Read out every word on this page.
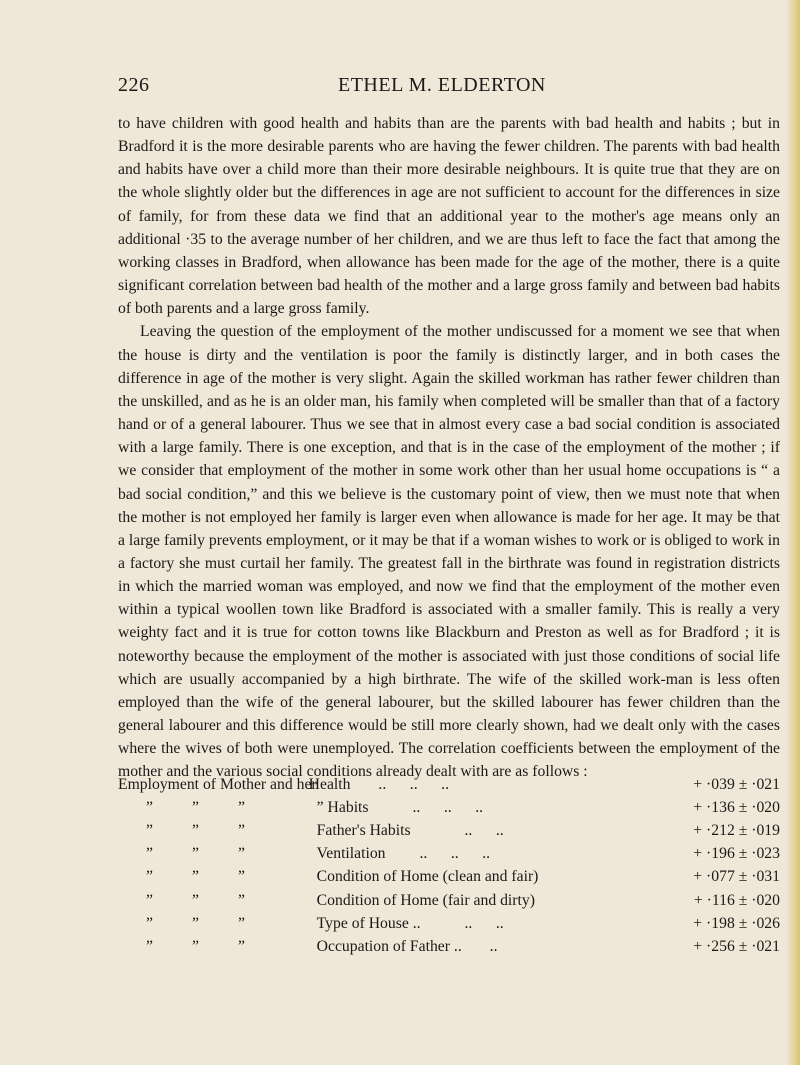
226	ETHEL M. ELDERTON

to have children with good health and habits than are the parents with bad health and habits ; but in Bradford it is the more desirable parents who are having the fewer children. The parents with bad health and habits have over a child more than their more desirable neighbours. It is quite true that they are on the whole slightly older but the differences in age are not sufficient to account for the differences in size of family, for from these data we find that an additional year to the mother's age means only an additional ·35 to the average number of her children, and we are thus left to face the fact that among the working classes in Bradford, when allowance has been made for the age of the mother, there is a quite significant correlation between bad health of the mother and a large gross family and between bad habits of both parents and a large gross family.

Leaving the question of the employment of the mother undiscussed for a moment we see that when the house is dirty and the ventilation is poor the family is distinctly larger, and in both cases the difference in age of the mother is very slight. Again the skilled workman has rather fewer children than the unskilled, and as he is an older man, his family when completed will be smaller than that of a factory hand or of a general labourer. Thus we see that in almost every case a bad social condition is associated with a large family. There is one exception, and that is in the case of the employment of the mother ; if we consider that employment of the mother in some work other than her usual home occupations is “ a bad social condition,” and this we believe is the customary point of view, then we must note that when the mother is not employed her family is larger even when allowance is made for her age. It may be that a large family prevents employment, or it may be that if a woman wishes to work or is obliged to work in a factory she must curtail her family. The greatest fall in the birthrate was found in registration districts in which the married woman was employed, and now we find that the employment of the mother even within a typical woollen town like Bradford is associated with a smaller family. This is really a very weighty fact and it is true for cotton towns like Blackburn and Preston as well as for Bradford ; it is noteworthy because the employment of the mother is associated with just those conditions of social life which are usually accompanied by a high birthrate. The wife of the skilled work-man is less often employed than the wife of the general labourer, but the skilled labourer has fewer children than the general labourer and this difference would be still more clearly shown, had we dealt only with the cases where the wives of both were unemployed. The correlation coefficients between the employment of the mother and the various social conditions already dealt with are as follows :

Employment of Mother and her	Health ..      ..      ..	+ ·039 ± ·021
” ” ”	” Habits ..      ..      ..	+ ·136 ± ·020
” ” ”	Father's Habits ..      ..	+ ·212 ± ·019
” ” ”	Ventilation ..      ..      ..	+ ·196 ± ·023
” ” ”	Condition of Home (clean and fair)	+ ·077 ± ·031
” ” ”	Condition of Home (fair and dirty)	+ ·116 ± ·020
” ” ”	Type of House .. ..      ..	+ ·198 ± ·026
” ” ”	Occupation of Father .. ..	+ ·256 ± ·021
